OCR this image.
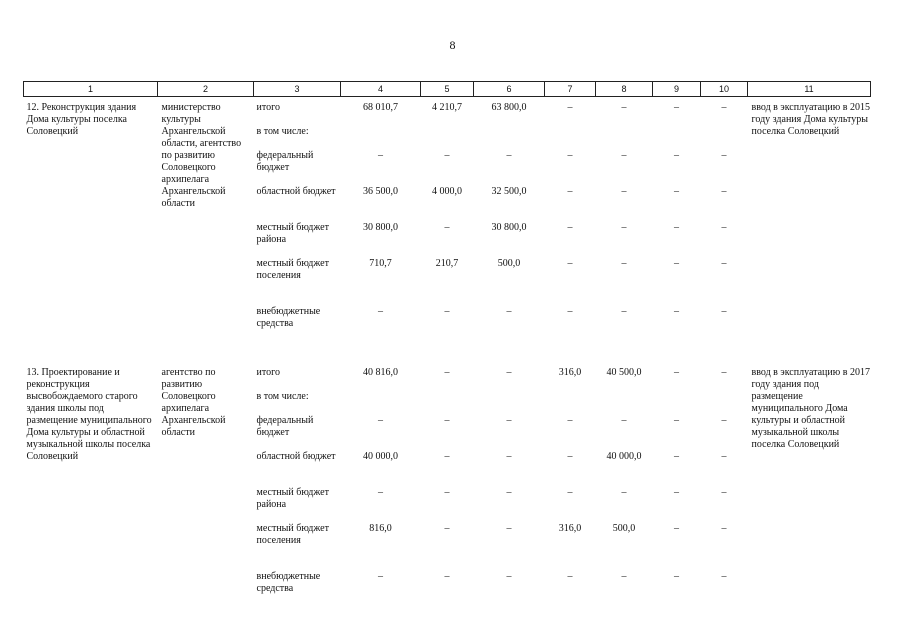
8
1	2	3	4	5	6	7	8	9	10	11
12. Реконструкция здания Дома культуры поселка Соловецкий	министерство культуры Архангельской области, агентство по развитию Соловецкого архипелага Архангельской области	итого	68 010,7	4 210,7	63 800,0	–	–	–	–	ввод в эксплуатацию в 2015 году здания Дома культуры поселка Соловецкий
		в том числе:								
		федеральный бюджет	–	–	–	–	–	–	–	
		областной бюджет	36 500,0	4 000,0	32 500,0	–	–	–	–	
		местный бюджет района	30 800,0	–	30 800,0	–	–	–	–	
		местный бюджет поселения	710,7	210,7	500,0	–	–	–	–	
		внебюджетные средства	–	–	–	–	–	–	–	

13. Проектирование и реконструкция высвобождаемого старого здания школы под размещение муниципального Дома культуры и областной музыкальной школы поселка Соловецкий	агентство по развитию Соловецкого архипелага Архангельской области	итого	40 816,0	–	–	316,0	40 500,0	–	–	ввод в эксплуатацию в 2017 году здания под размещение муниципального Дома культуры и областной музыкальной школы поселка Соловецкий
		в том числе:								
		федеральный бюджет	–	–	–	–	–	–	–	
		областной бюджет	40 000,0	–	–	–	40 000,0	–	–	
		местный бюджет района	–	–	–	–	–	–	–	
		местный бюджет поселения	816,0	–	–	316,0	500,0	–	–	
		внебюджетные средства	–	–	–	–	–	–	–	
